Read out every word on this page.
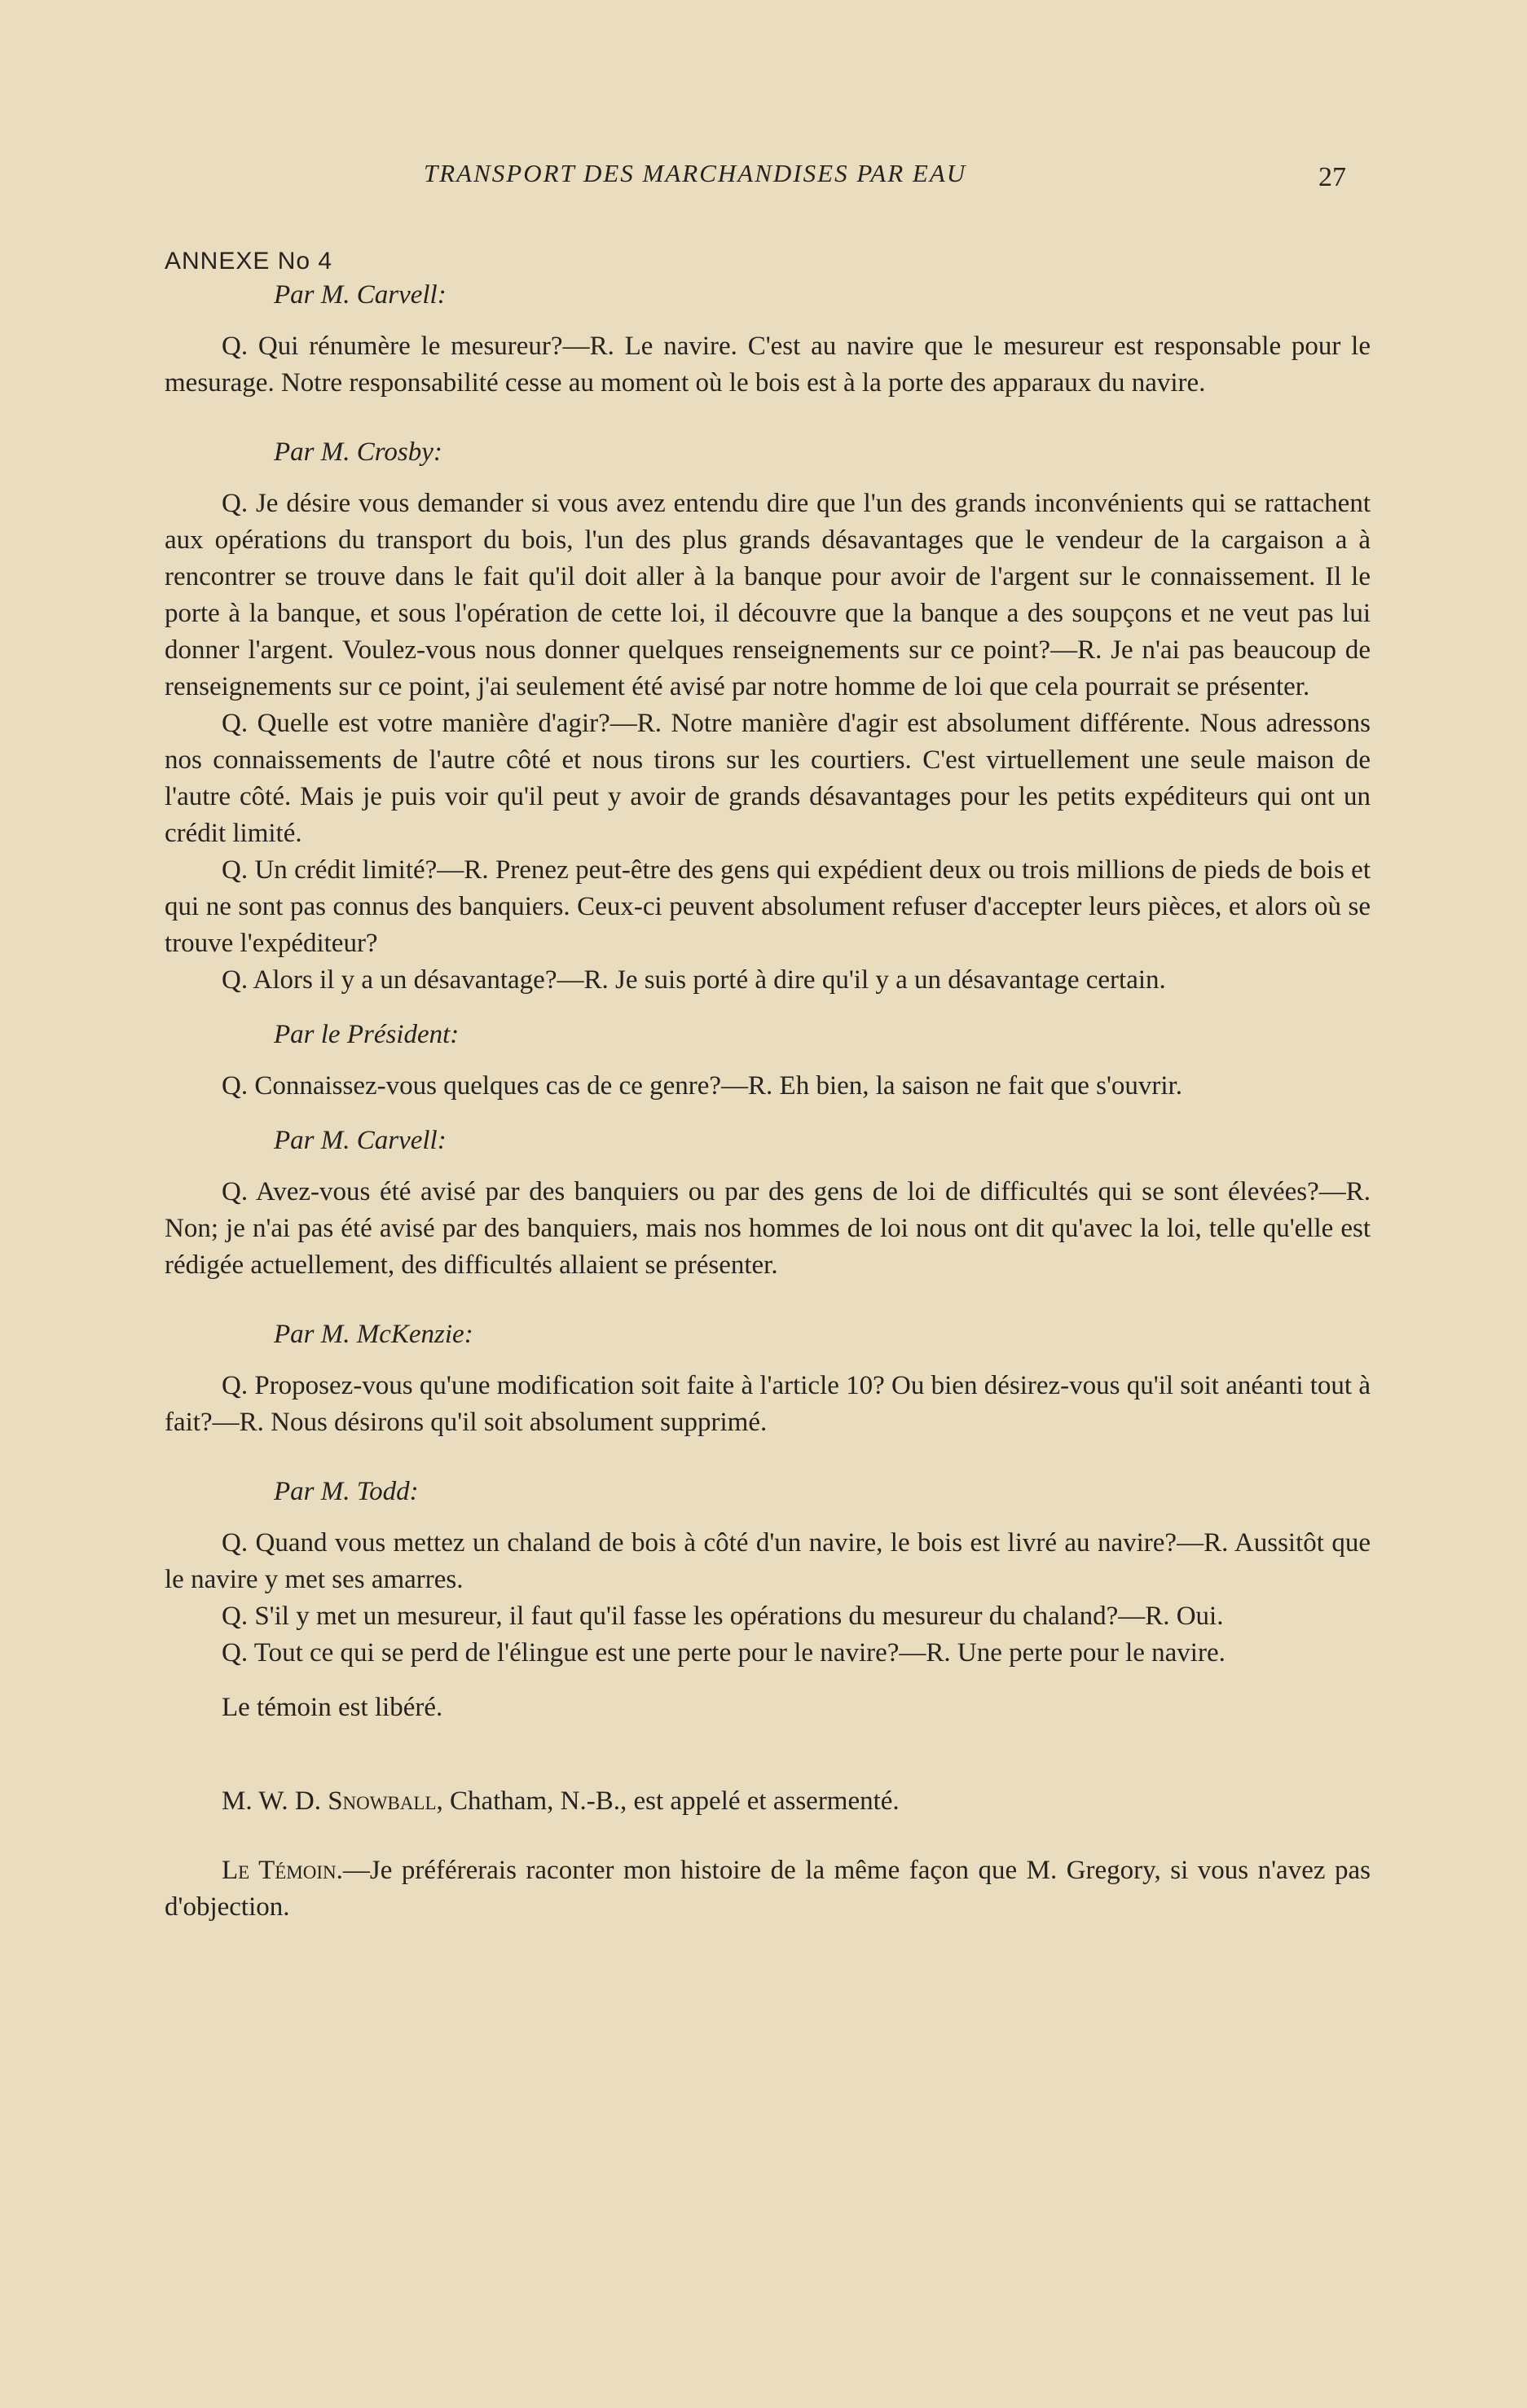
TRANSPORT DES MARCHANDISES PAR EAU	27
ANNEXE No 4
Par M. Carvell:

Q. Qui rénumère le mesureur?—R. Le navire. C'est au navire que le mesureur est responsable pour le mesurage. Notre responsabilité cesse au moment où le bois est à la porte des apparaux du navire.

Par M. Crosby:

Q. Je désire vous demander si vous avez entendu dire que l'un des grands inconvénients qui se rattachent aux opérations du transport du bois, l'un des plus grands désavantages que le vendeur de la cargaison a à rencontrer se trouve dans le fait qu'il doit aller à la banque pour avoir de l'argent sur le connaissement. Il le porte à la banque, et sous l'opération de cette loi, il découvre que la banque a des soupçons et ne veut pas lui donner l'argent. Voulez-vous nous donner quelques renseignements sur ce point?—R. Je n'ai pas beaucoup de renseignements sur ce point, j'ai seulement été avisé par notre homme de loi que cela pourrait se présenter.

Q. Quelle est votre manière d'agir?—R. Notre manière d'agir est absolument différente. Nous adressons nos connaissements de l'autre côté et nous tirons sur les courtiers. C'est virtuellement une seule maison de l'autre côté. Mais je puis voir qu'il peut y avoir de grands désavantages pour les petits expéditeurs qui ont un crédit limité.

Q. Un crédit limité?—R. Prenez peut-être des gens qui expédient deux ou trois millions de pieds de bois et qui ne sont pas connus des banquiers. Ceux-ci peuvent absolument refuser d'accepter leurs pièces, et alors où se trouve l'expéditeur?

Q. Alors il y a un désavantage?—R. Je suis porté à dire qu'il y a un désavantage certain.

Par le Président:

Q. Connaissez-vous quelques cas de ce genre?—R. Eh bien, la saison ne fait que s'ouvrir.

Par M. Carvell:

Q. Avez-vous été avisé par des banquiers ou par des gens de loi de difficultés qui se sont élevées?—R. Non; je n'ai pas été avisé par des banquiers, mais nos hommes de loi nous ont dit qu'avec la loi, telle qu'elle est rédigée actuellement, des difficultés allaient se présenter.

Par M. McKenzie:

Q. Proposez-vous qu'une modification soit faite à l'article 10? Ou bien désirez-vous qu'il soit anéanti tout à fait?—R. Nous désirons qu'il soit absolument supprimé.

Par M. Todd:

Q. Quand vous mettez un chaland de bois à côté d'un navire, le bois est livré au navire?—R. Aussitôt que le navire y met ses amarres.

Q. S'il y met un mesureur, il faut qu'il fasse les opérations du mesureur du chaland?—R. Oui.

Q. Tout ce qui se perd de l'élingue est une perte pour le navire?—R. Une perte pour le navire.

Le témoin est libéré.

M. W. D. Snowball, Chatham, N.-B., est appelé et assermenté.

Le Témoin.—Je préférerais raconter mon histoire de la même façon que M. Gregory, si vous n'avez pas d'objection.
